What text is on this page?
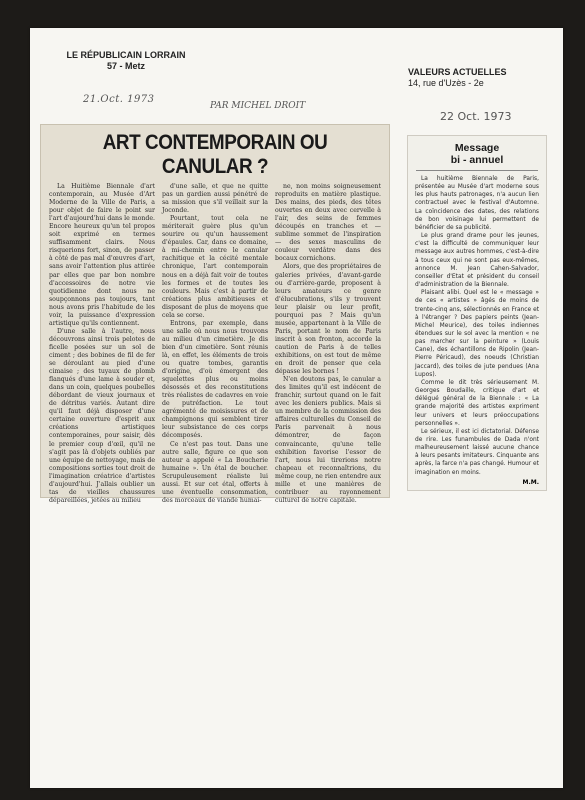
LE RÉPUBLICAIN LORRAIN
57 - Metz
VALEURS ACTUELLES
14, rue d'Uzès - 2e
21.Oct. 1973
PAR MICHEL DROIT
22 Oct. 1973
ART CONTEMPORAIN OU CANULAR ?

La Huitième Biennale d'art contemporain, au Musée d'Art Moderne de la Ville de Paris, a pour objet de faire le point sur l'art d'aujourd'hui dans le monde. Encore heureux qu'un tel propos soit exprimé en termes suffisamment clairs. Nous risquerions fort, sinon, de passer à côté de pas mal d'œuvres d'art, sans avoir l'attention plus attirée par elles que par bon nombre d'accessoires de notre vie quotidienne dont nous ne soupçonnons pas toujours, tant nous avons pris l'habitude de les voir, la puissance d'expression artistique qu'ils contiennent.

D'une salle à l'autre, nous découvrons ainsi trois pelotes de ficelle posées sur un sol de ciment ; des bobines de fil de fer se déroulant au pied d'une cimaise ; des tuyaux de plomb flanqués d'une lame à souder et, dans un coin, quelques poubelles débordant de vieux journaux et de détritus variés. Autant dire qu'il faut déjà disposer d'une certaine ouverture d'esprit aux créations artistiques contemporaines, pour saisir, dès le premier coup d'œil, qu'il ne s'agit pas là d'objets oubliés par une équipe de nettoyage, mais de compositions sorties tout droit de l'imagination créatrice d'artistes d'aujourd'hui. J'allais oublier un tas de vieilles chaussures dépareillées, jetées au milieu

d'une salle, et que ne quitte pas un gardien aussi pénétré de sa mission que s'il veillait sur la Joconde.

Pourtant, tout cela ne mériterait guère plus qu'un sourire ou qu'un haussement d'épaules. Car, dans ce domaine, à mi-chemin entre le canular rachitique et la cécité mentale chronique, l'art contemporain nous en a déjà fait voir de toutes les formes et de toutes les couleurs. Mais c'est à partir de créations plus ambitieuses et disposant de plus de moyens que cela se corse.

Entrons, par exemple, dans une salle où nous nous trouvons au milieu d'un cimetière. Je dis bien d'un cimetière. Sont réunis là, en effet, les éléments de trois ou quatre tombes, garantis d'origine, d'où émergent des squelettes plus ou moins désossés et des reconstitutions très réalistes de cadavres en voie de putréfaction. Le tout agrémenté de moisissures et de champignons qui semblent tirer leur subsistance de ces corps décomposés.

Ce n'est pas tout. Dans une autre salle, figure ce que son auteur a appelé « La Boucherie humaine ». Un étal de boucher. Scrupuleusement réaliste lui aussi. Et sur cet étal, offerts à une éventuelle consommation, des morceaux de viande humai-

ne, non moins soigneusement reproduits en matière plastique. Des mains, des pieds, des têtes ouvertes en deux avec cervelle à l'air, des seins de femmes découpés en tranches et — sublime sommet de l'inspiration — des sexes masculins de couleur verdâtre dans des bocaux cornichons.

Alors, que des propriétaires de galeries privées, d'avant-garde ou d'arrière-garde, proposent à leurs amateurs ce genre d'élucubrations, s'ils y trouvent leur plaisir ou leur profit, pourquoi pas ? Mais qu'un musée, appartenant à la Ville de Paris, portant le nom de Paris inscrit à son fronton, accorde la caution de Paris à de telles exhibitions, on est tout de même en droit de penser que cela dépasse les bornes !

N'en doutons pas, le canular a des limites qu'il est indécent de franchir, surtout quand on le fait avec les deniers publics. Mais si un membre de la commission des affaires culturelles du Conseil de Paris parvenait à nous démontrer, de façon convaincante, qu'une telle exhibition favorise l'essor de l'art, nous lui tirerions notre chapeau et reconnaîtrions, du même coup, ne rien entendre aux mille et une manières de contribuer au rayonnement culturel de notre capitale.

Message
bi - annuel

La huitième Biennale de Paris, présentée au Musée d'art moderne sous les plus hauts patronages, n'a aucun lien contractuel avec le festival d'Automne. La coïncidence des dates, des relations de bon voisinage lui permettent de bénéficier de sa publicité.

Le plus grand drame pour les jeunes, c'est la difficulté de communiquer leur message aux autres hommes, c'est-à-dire à tous ceux qui ne sont pas eux-mêmes, annonce M. Jean Cahen-Salvador, conseiller d'Etat et président du conseil d'administration de la Biennale.

Plaisant alibi. Quel est le « message » de ces « artistes » âgés de moins de trente-cinq ans, sélectionnés en France et à l'étranger ? Des papiers peints (Jean-Michel Meurice), des toiles indiennes étendues sur le sol avec la mention « ne pas marcher sur la peinture » (Louis Cane), des échantillons de Ripolin (Jean-Pierre Péricaud), des noeuds (Christian Jaccard), des toiles de jute pendues (Ana Lupos).

Comme le dit très sérieusement M. Georges Boudaille, critique d'art et délégué général de la Biennale : « La grande majorité des artistes expriment leur univers et leurs préoccupations personnelles ».

Le sérieux, il est ici dictatorial. Défense de rire. Les funambules de Dada n'ont malheureusement laissé aucune chance à leurs pesants imitateurs. Cinquante ans après, la farce n'a pas changé. Humour et imagination en moins.

M.M.
